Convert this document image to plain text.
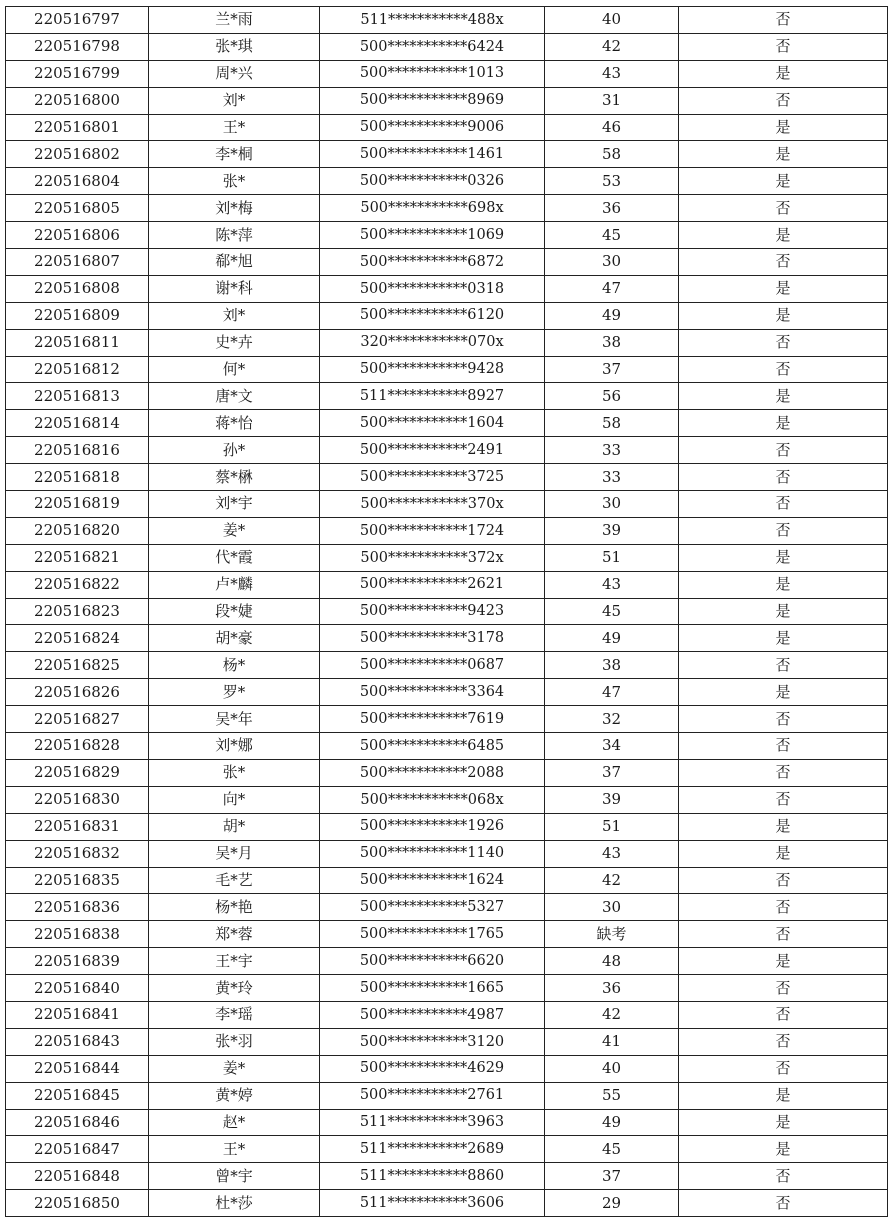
220516797	兰*雨	511***********488x	40	否
220516798	张*琪	500***********6424	42	否
220516799	周*兴	500***********1013	43	是
220516800	刘*	500***********8969	31	否
220516801	王*	500***********9006	46	是
220516802	李*桐	500***********1461	58	是
220516804	张*	500***********0326	53	是
220516805	刘*梅	500***********698x	36	否
220516806	陈*萍	500***********1069	45	是
220516807	郗*旭	500***********6872	30	否
220516808	谢*科	500***********0318	47	是
220516809	刘*	500***********6120	49	是
220516811	史*卉	320***********070x	38	否
220516812	何*	500***********9428	37	否
220516813	唐*文	511***********8927	56	是
220516814	蒋*怡	500***********1604	58	是
220516816	孙*	500***********2491	33	否
220516818	蔡*楙	500***********3725	33	否
220516819	刘*宇	500***********370x	30	否
220516820	姜*	500***********1724	39	否
220516821	代*霞	500***********372x	51	是
220516822	卢*麟	500***********2621	43	是
220516823	段*婕	500***********9423	45	是
220516824	胡*豪	500***********3178	49	是
220516825	杨*	500***********0687	38	否
220516826	罗*	500***********3364	47	是
220516827	吴*年	500***********7619	32	否
220516828	刘*娜	500***********6485	34	否
220516829	张*	500***********2088	37	否
220516830	向*	500***********068x	39	否
220516831	胡*	500***********1926	51	是
220516832	吴*月	500***********1140	43	是
220516835	毛*艺	500***********1624	42	否
220516836	杨*艳	500***********5327	30	否
220516838	郑*蓉	500***********1765	缺考	否
220516839	王*宇	500***********6620	48	是
220516840	黄*玲	500***********1665	36	否
220516841	李*瑶	500***********4987	42	否
220516843	张*羽	500***********3120	41	否
220516844	姜*	500***********4629	40	否
220516845	黄*婷	500***********2761	55	是
220516846	赵*	511***********3963	49	是
220516847	王*	511***********2689	45	是
220516848	曾*宇	511***********8860	37	否
220516850	杜*莎	511***********3606	29	否
